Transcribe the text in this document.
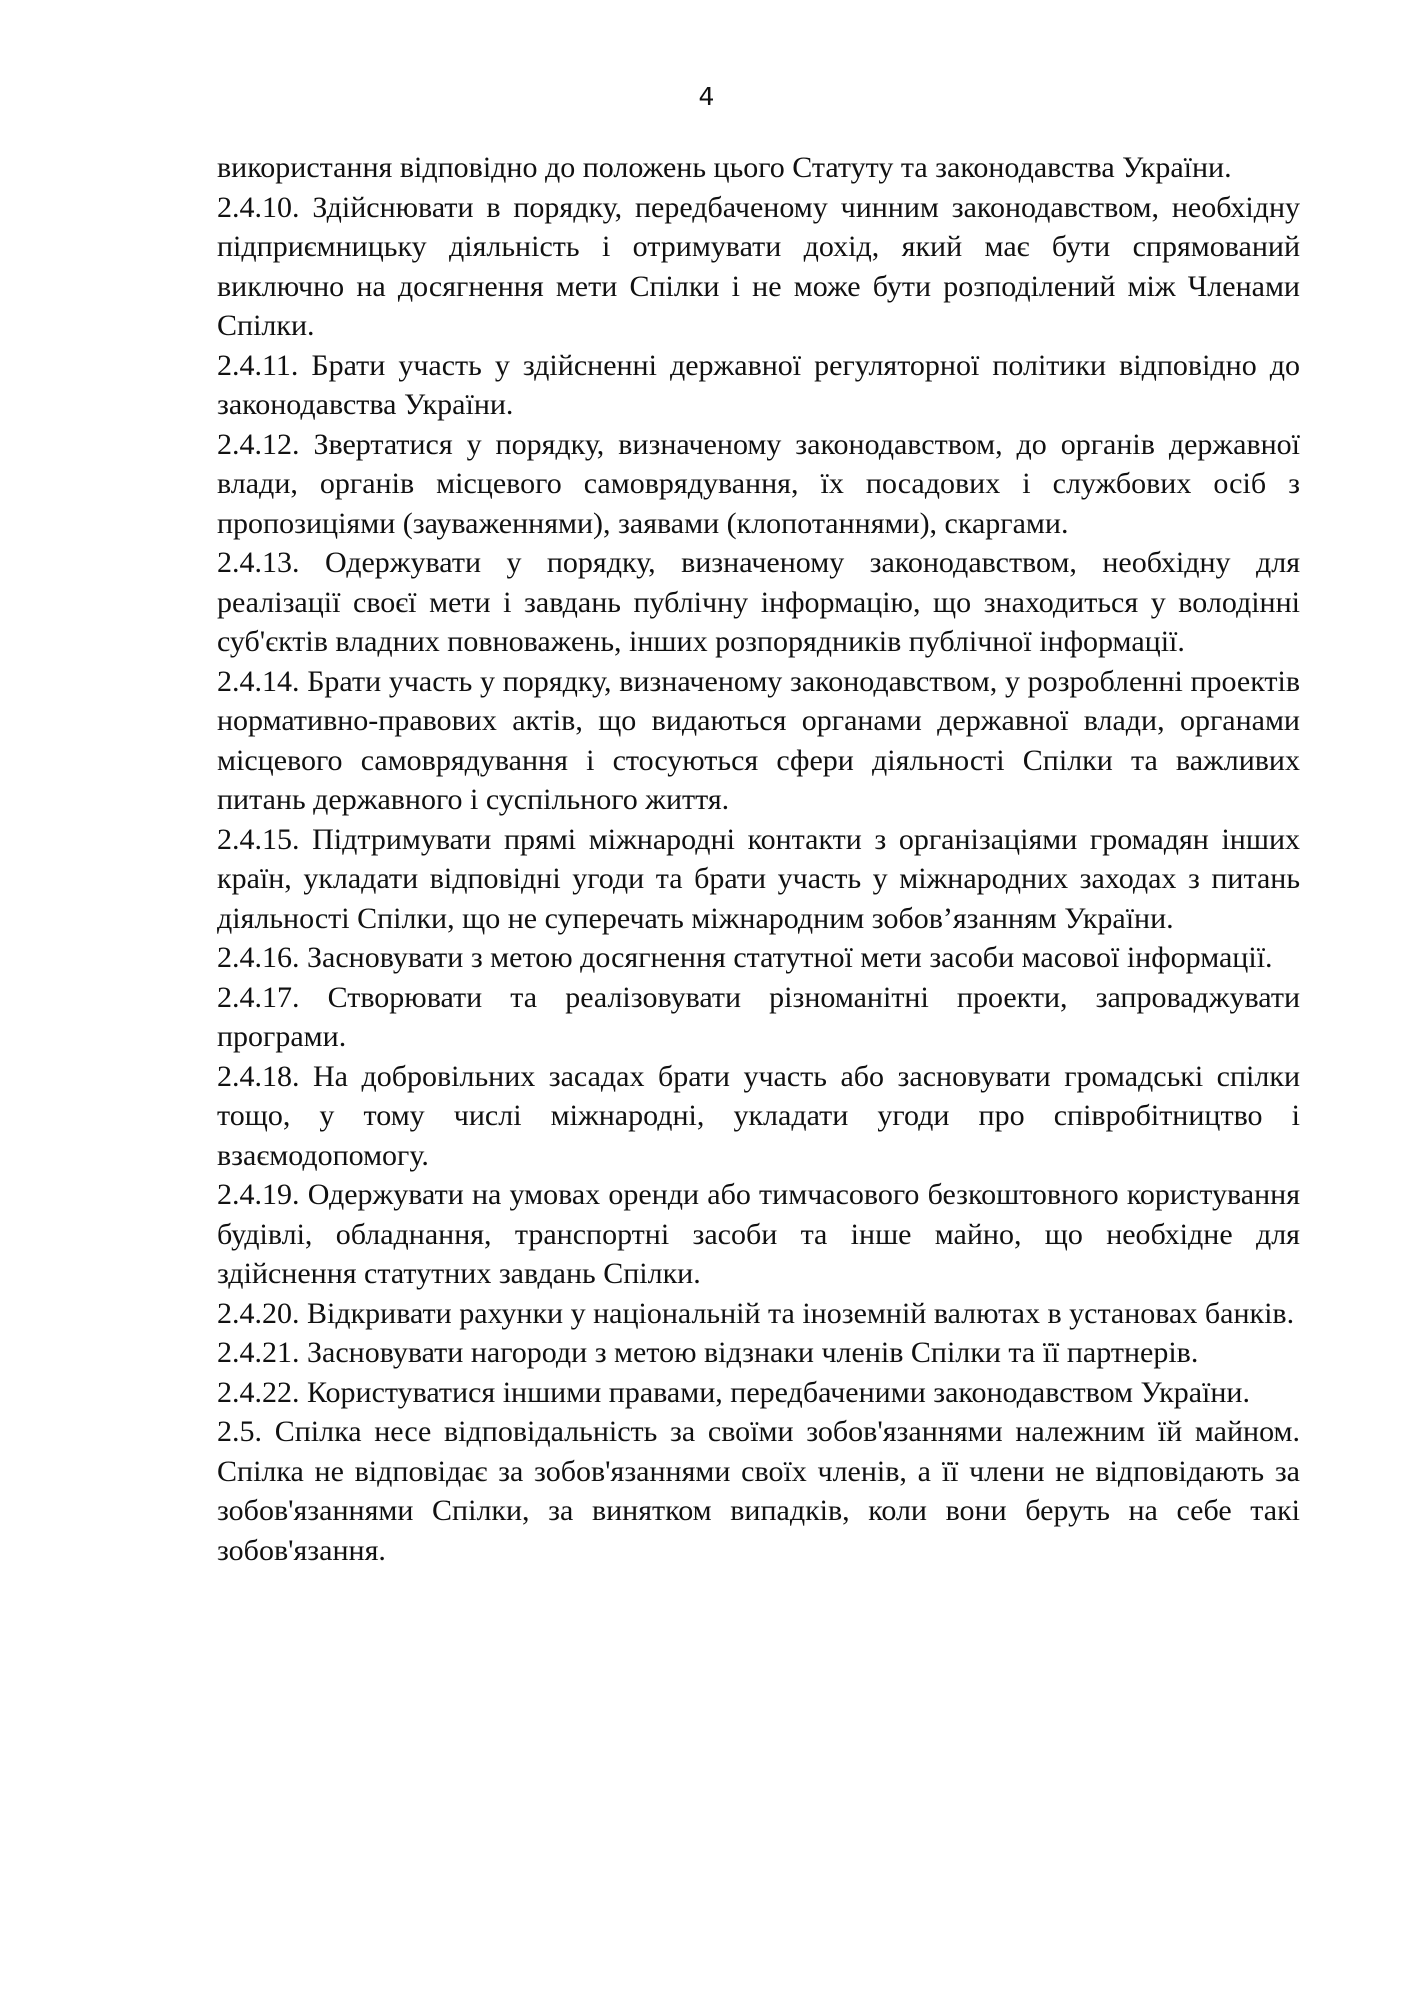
4

використання відповідно до положень цього Статуту та законодавства України.

2.4.10. Здійснювати в порядку, передбаченому чинним законодавством, необхідну підприємницьку діяльність і отримувати дохід, який має бути спрямований виключно на досягнення мети Спілки і не може бути розподілений між Членами Спілки.

2.4.11. Брати участь у здійсненні державної регуляторної політики відповідно до законодавства України.

2.4.12. Звертатися у порядку, визначеному законодавством, до органів державної влади, органів місцевого самоврядування, їх посадових і службових осіб з пропозиціями (зауваженнями), заявами (клопотаннями), скаргами.

2.4.13. Одержувати у порядку, визначеному законодавством, необхідну для реалізації своєї мети і завдань публічну інформацію, що знаходиться у володінні суб'єктів владних повноважень, інших розпорядників публічної інформації.

2.4.14. Брати участь у порядку, визначеному законодавством, у розробленні проектів нормативно-правових актів, що видаються органами державної влади, органами місцевого самоврядування і стосуються сфери діяльності Спілки та важливих питань державного і суспільного життя.

2.4.15. Підтримувати прямі міжнародні контакти з організаціями громадян інших країн, укладати відповідні угоди та брати участь у міжнародних заходах з питань діяльності Спілки, що не суперечать міжнародним зобов’язанням України.

2.4.16. Засновувати з метою досягнення статутної мети засоби масової інформації.

2.4.17. Створювати та реалізовувати різноманітні проекти, запроваджувати програми.

2.4.18. На добровільних засадах брати участь або засновувати громадські спілки тощо, у тому числі міжнародні, укладати угоди про співробітництво і взаємодопомогу.

2.4.19. Одержувати на умовах оренди або тимчасового безкоштовного користування будівлі, обладнання, транспортні засоби та інше майно, що необхідне для здійснення статутних завдань Спілки.

2.4.20. Відкривати рахунки у національній та іноземній валютах в установах банків.

2.4.21. Засновувати нагороди з метою відзнаки членів Спілки та її партнерів.

2.4.22. Користуватися іншими правами, передбаченими законодавством України.

2.5. Спілка несе відповідальність за своїми зобов'язаннями належним їй майном. Спілка не відповідає за зобов'язаннями своїх членів, а її члени не відповідають за зобов'язаннями Спілки, за винятком випадків, коли вони беруть на себе такі зобов'язання.
